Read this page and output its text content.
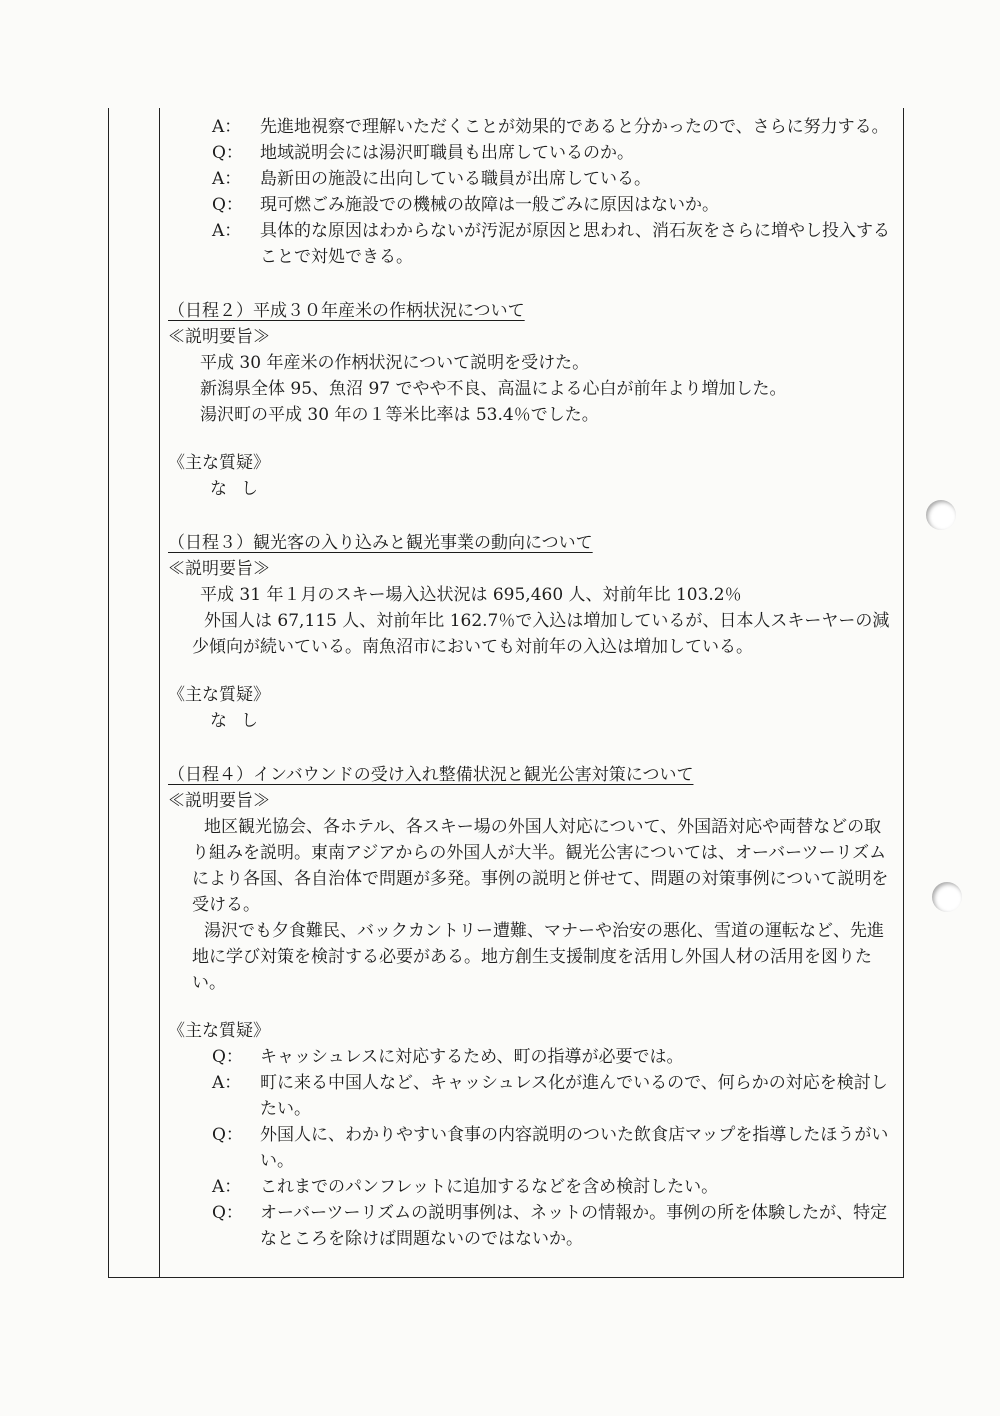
A：	先進地視察で理解いただくことが効果的であると分かったので、さらに努力する。
Q：	地域説明会には湯沢町職員も出席しているのか。
A：	島新田の施設に出向している職員が出席している。
Q：	現可燃ごみ施設での機械の故障は一般ごみに原因はないか。
A：	具体的な原因はわからないが汚泥が原因と思われ、消石灰をさらに増やし投入することで対処できる。
（日程２）平成３０年産米の作柄状況について
≪説明要旨≫
平成 30 年産米の作柄状況について説明を受けた。
新潟県全体 95、魚沼 97 でやや不良、高温による心白が前年より増加した。
湯沢町の平成 30 年の１等米比率は 53.4％でした。
《主な質疑》
なし
（日程３）観光客の入り込みと観光事業の動向について
≪説明要旨≫
平成 31 年１月のスキー場入込状況は 695,460 人、対前年比 103.2％
外国人は 67,115 人、対前年比 162.7％で入込は増加しているが、日本人スキーヤーの減少傾向が続いている。南魚沼市においても対前年の入込は増加している。
《主な質疑》
なし
（日程４）インバウンドの受け入れ整備状況と観光公害対策について
≪説明要旨≫
地区観光協会、各ホテル、各スキー場の外国人対応について、外国語対応や両替などの取り組みを説明。東南アジアからの外国人が大半。観光公害については、オーバーツーリズムにより各国、各自治体で問題が多発。事例の説明と併せて、問題の対策事例について説明を受ける。
湯沢でも夕食難民、バックカントリー遭難、マナーや治安の悪化、雪道の運転など、先進地に学び対策を検討する必要がある。地方創生支援制度を活用し外国人材の活用を図りたい。
《主な質疑》
Q：	キャッシュレスに対応するため、町の指導が必要では。
A：	町に来る中国人など、キャッシュレス化が進んでいるので、何らかの対応を検討したい。
Q：	外国人に、わかりやすい食事の内容説明のついた飲食店マップを指導したほうがいい。
A：	これまでのパンフレットに追加するなどを含め検討したい。
Q：	オーバーツーリズムの説明事例は、ネットの情報か。事例の所を体験したが、特定なところを除けば問題ないのではないか。
